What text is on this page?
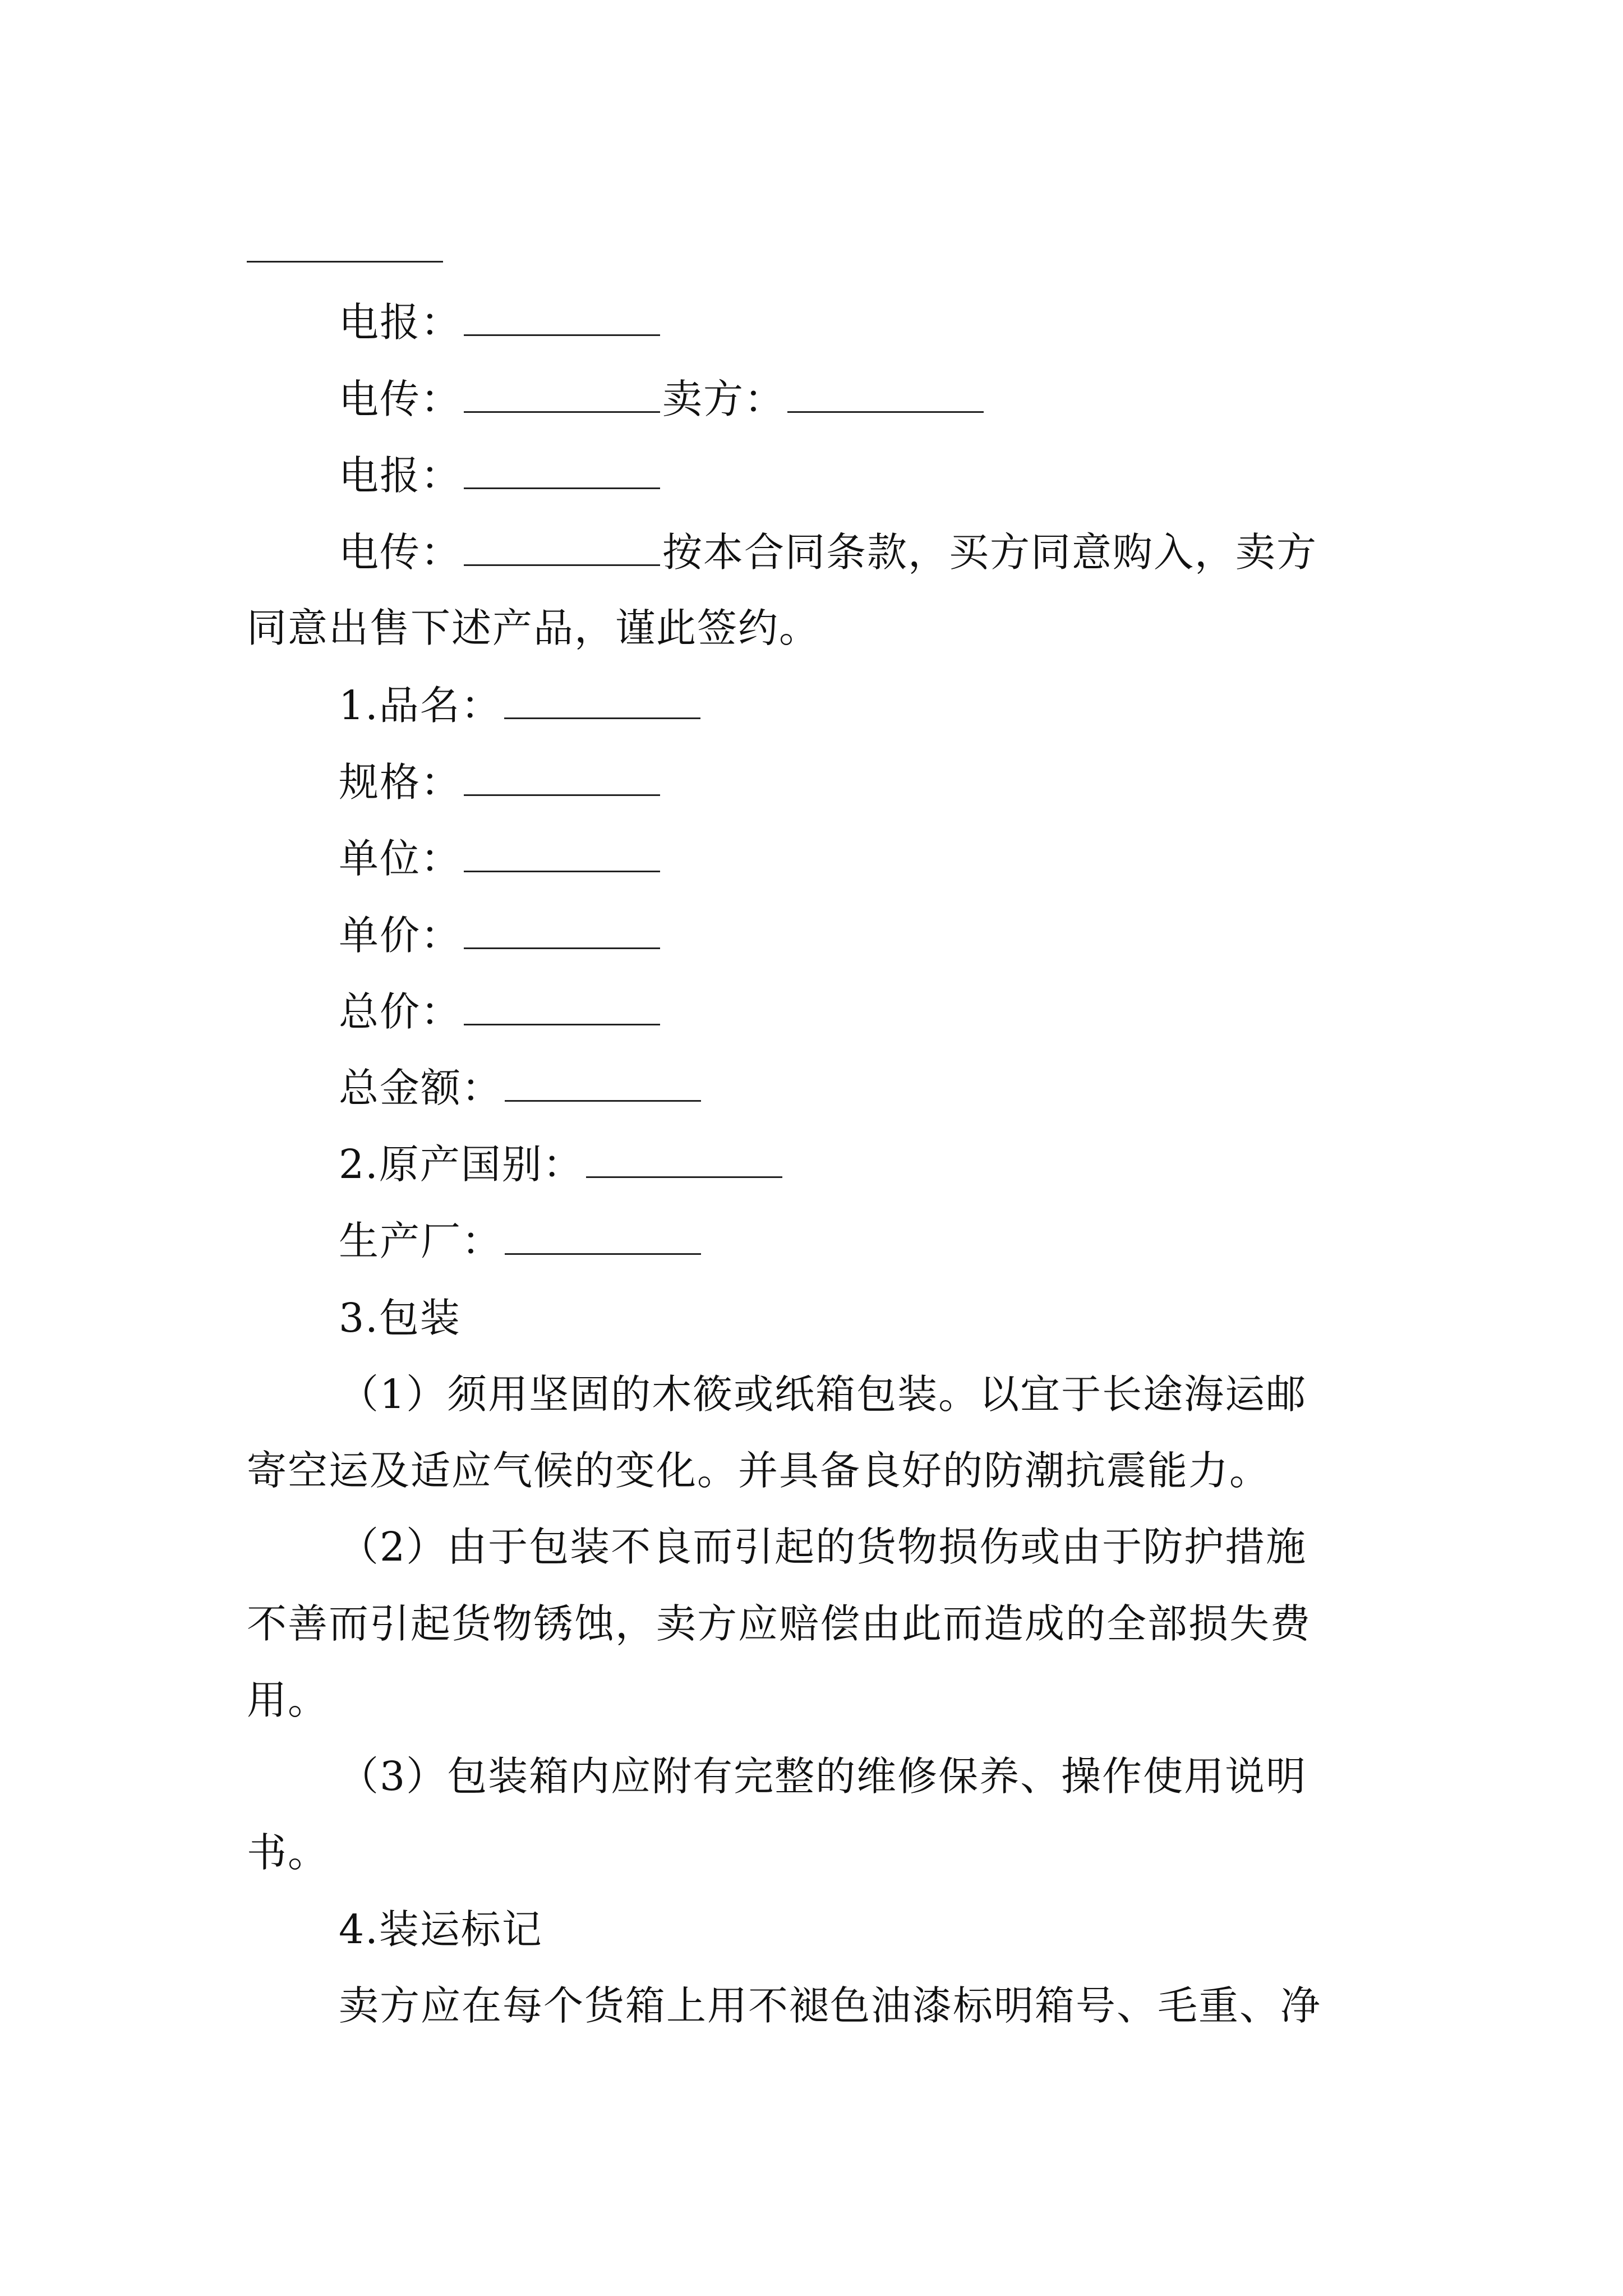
电报：
电传：	卖方：
电报：
电传：	按本合同条款，买方同意购入，卖方
同意出售下述产品，谨此签约。
1.品名：
规格：
单位：
单价：
总价：
总金额：
2.原产国别：
生产厂：
3.包装
（1）须用坚固的木筱或纸箱包装。以宜于长途海运邮
寄空运及适应气候的变化。并具备良好的防潮抗震能力。
（2）由于包装不良而引起的货物损伤或由于防护措施
不善而引起货物锈蚀，卖方应赔偿由此而造成的全部损失费
用。
（3）包装箱内应附有完整的维修保养、操作使用说明
书。
4.装运标记
卖方应在每个货箱上用不褪色油漆标明箱号、毛重、净
